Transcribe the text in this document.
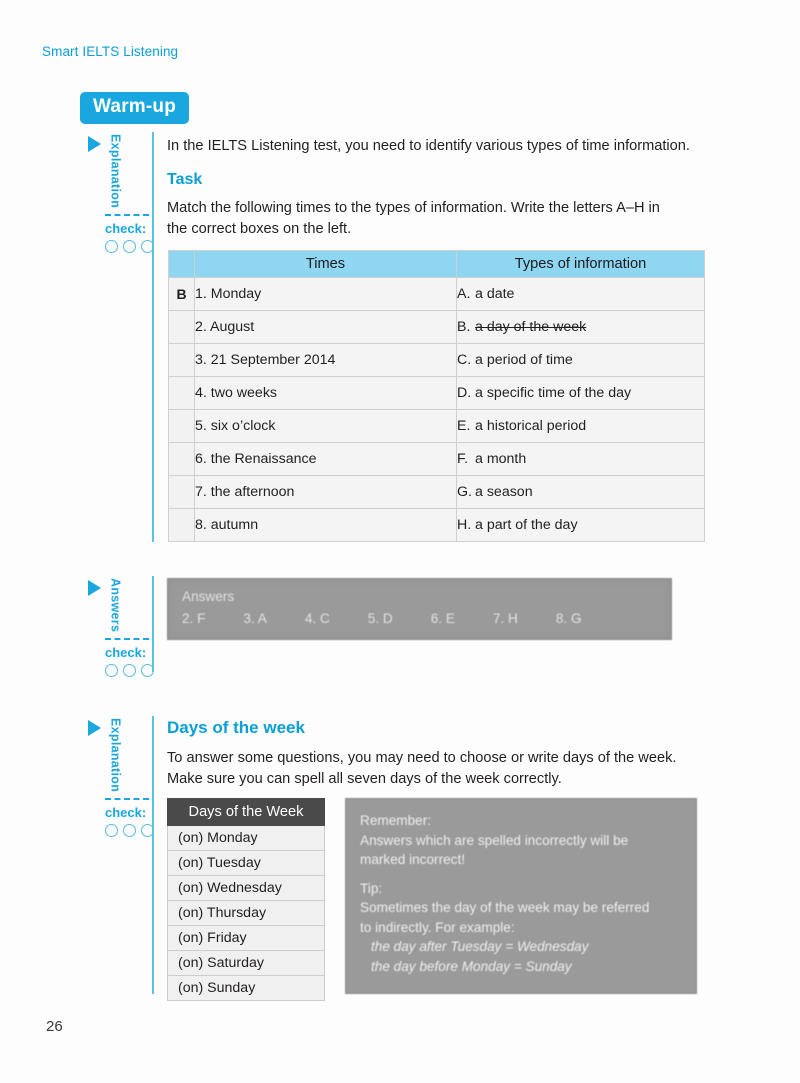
Smart IELTS Listening
Warm-up
Explanation
check:
In the IELTS Listening test, you need to identify various types of time information.
Task
Match the following times to the types of information. Write the letters A–H in
the correct boxes on the left.
	Times	Types of information
B	1. Monday	A. a date
	2. August	B. a day of the week
	3. 21 September 2014	C. a period of time
	4. two weeks	D. a specific time of the day
	5. six o’clock	E. a historical period
	6. the Renaissance	F. a month
	7. the afternoon	G. a season
	8. autumn	H. a part of the day
Answers
check:
Answers
2. F	3. A	4. C	5. D	6. E	7. H	8. G
Explanation
check:
Days of the week
To answer some questions, you may need to choose or write days of the week.
Make sure you can spell all seven days of the week correctly.
Days of the Week
(on) Monday
(on) Tuesday
(on) Wednesday
(on) Thursday
(on) Friday
(on) Saturday
(on) Sunday
Remember:
Answers which are spelled incorrectly will be
marked incorrect!
Tip:
Sometimes the day of the week may be referred
to indirectly. For example:
the day after Tuesday = Wednesday
the day before Monday = Sunday
26
